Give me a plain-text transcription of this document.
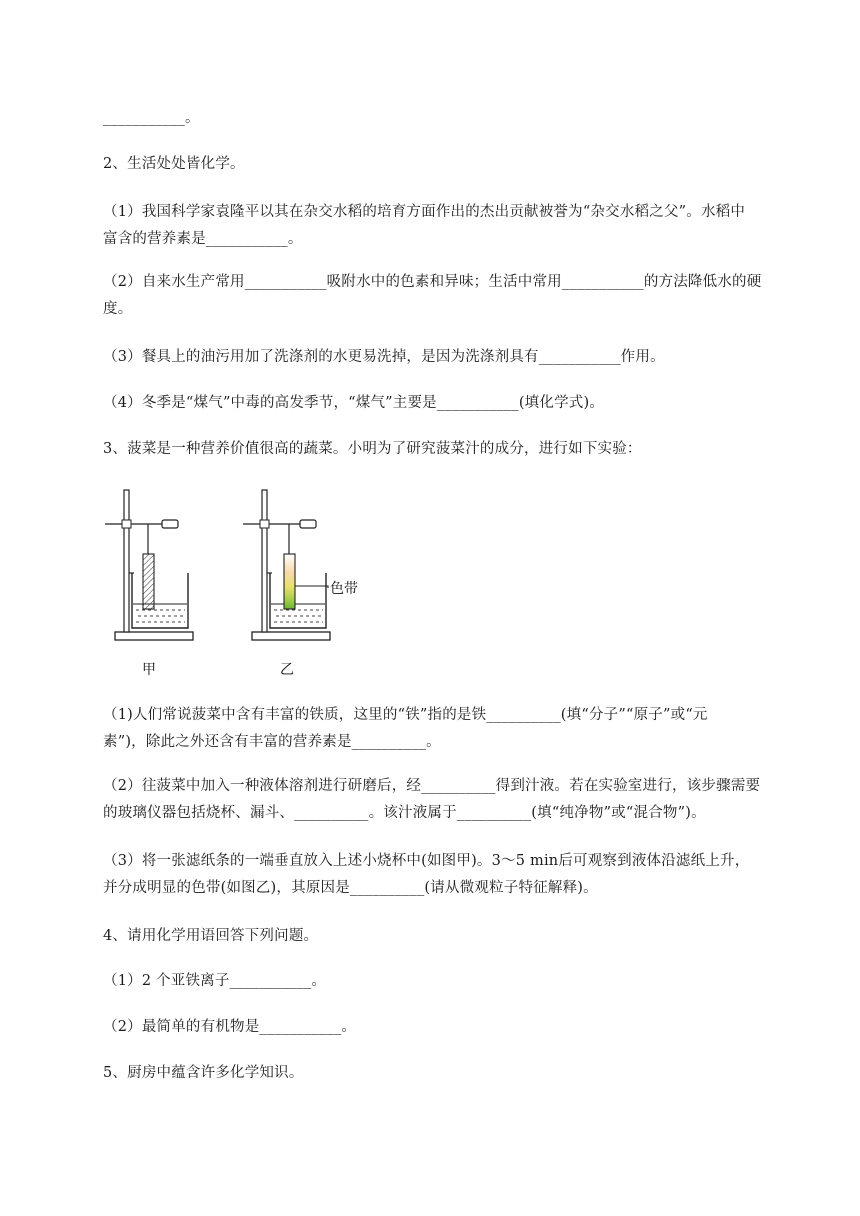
___________。
2、生活处处皆化学。
（1）我国科学家袁隆平以其在杂交水稻的培育方面作出的杰出贡献被誉为“杂交水稻之父”。水稻中
富含的营养素是___________。
（2）自来水生产常用___________吸附水中的色素和异味；生活中常用___________的方法降低水的硬
度。
（3）餐具上的油污用加了洗涤剂的水更易洗掉，是因为洗涤剂具有___________作用。
（4）冬季是“煤气”中毒的高发季节，“煤气”主要是___________(填化学式)。
3、菠菜是一种营养价值很高的蔬菜。小明为了研究菠菜汁的成分，进行如下实验：
色带
甲	乙
（1)人们常说菠菜中含有丰富的铁质，这里的“铁”指的是铁__________(填“分子”“原子”或“元
素”)，除此之外还含有丰富的营养素是__________。
（2）往菠菜中加入一种液体溶剂进行研磨后，经__________得到汁液。若在实验室进行，该步骤需要
的玻璃仪器包括烧杯、漏斗、__________。该汁液属于__________(填“纯净物”或“混合物”)。
（3）将一张滤纸条的一端垂直放入上述小烧杯中(如图甲)。3～5 min后可观察到液体沿滤纸上升，
并分成明显的色带(如图乙)，其原因是__________(请从微观粒子特征解释)。
4、请用化学用语回答下列问题。
（1）2 个亚铁离子___________。
（2）最简单的有机物是___________。
5、厨房中蕴含许多化学知识。
